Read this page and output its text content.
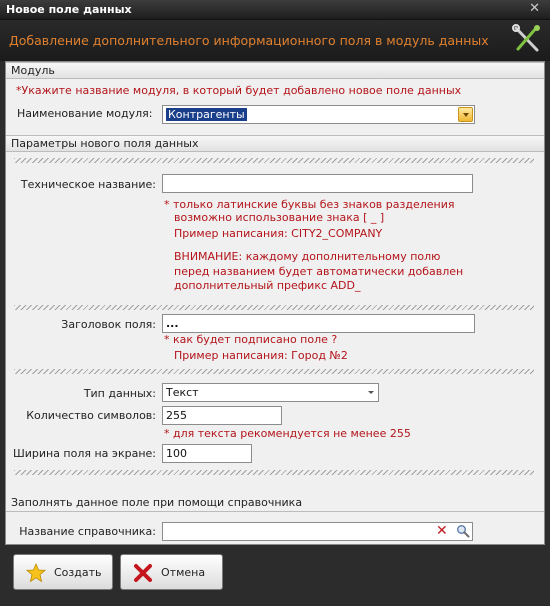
Новое поле данных	✕
Добавление дополнительного информационного поля в модуль данных
Модуль
*Укажите название модуля, в который будет добавлено новое поле данных
Наименование модуля:	Контрагенты
Параметры нового поля данных
Техническое название:
* только латинские буквы без знаков разделения
возможно использование знака [ _ ]
Пример написания: CITY2_COMPANY
ВНИМАНИЕ: каждому дополнительному полю
перед названием будет автоматически добавлен
дополнительный префикс ADD_
Заголовок поля: ...
* как будет подписано поле ?
Пример написания: Город №2
Тип данных: Текст
Количество символов: 255
* для текста рекомендуется не менее 255
Ширина поля на экране: 100
Заполнять данное поле при помощи справочника
Название справочника:	✕
Создать	Отмена
